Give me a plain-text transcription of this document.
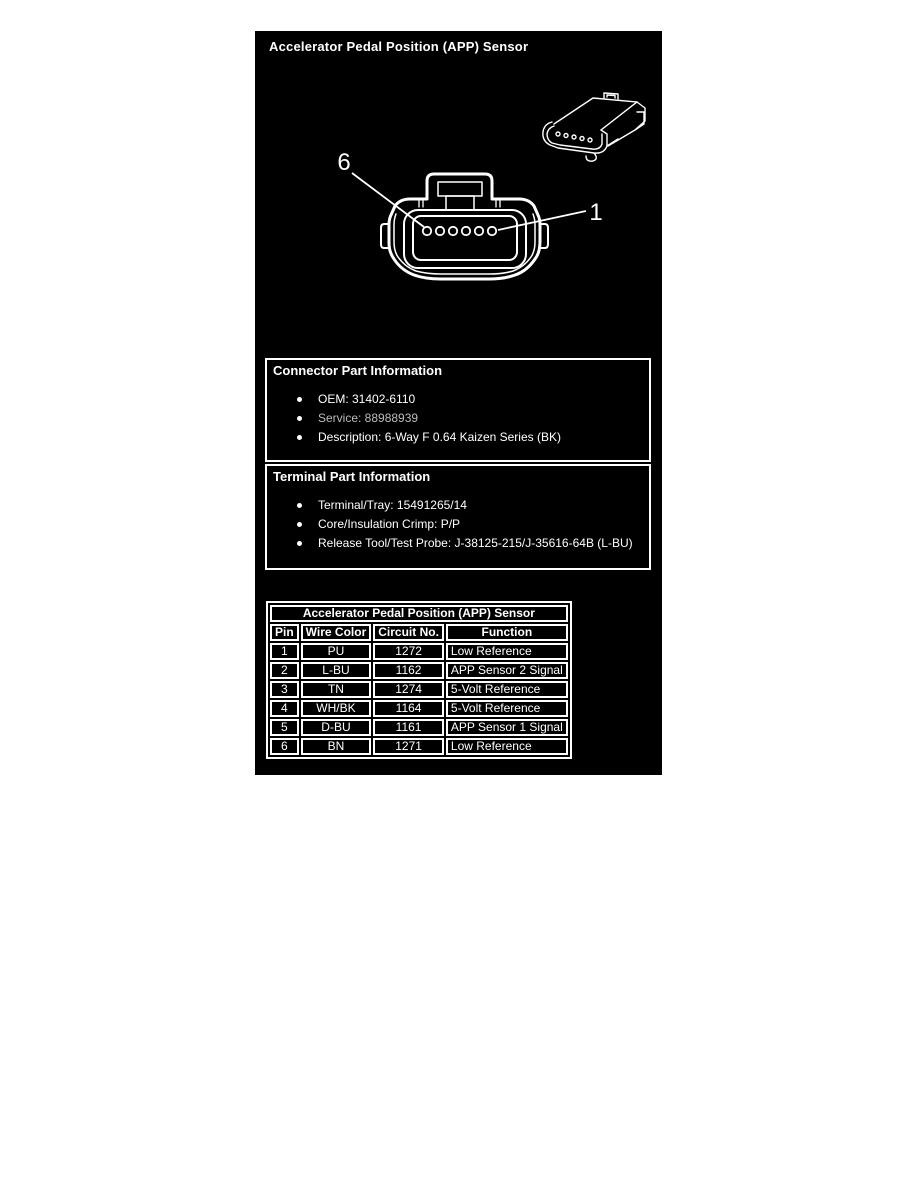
Accelerator Pedal Position (APP) Sensor
6
1
Connector Part Information
OEM: 31402-6110
Service: 88988939
Description: 6-Way F 0.64 Kaizen Series (BK)
Terminal Part Information
Terminal/Tray: 15491265/14
Core/Insulation Crimp: P/P
Release Tool/Test Probe: J-38125-215/J-35616-64B (L-BU)
Accelerator Pedal Position (APP) Sensor			
Pin	Wire Color	Circuit No.	Function
1	PU	1272	Low Reference
2	L-BU	1162	APP Sensor 2 Signal
3	TN	1274	5-Volt Reference
4	WH/BK	1164	5-Volt Reference
5	D-BU	1161	APP Sensor 1 Signal
6	BN	1271	Low Reference
